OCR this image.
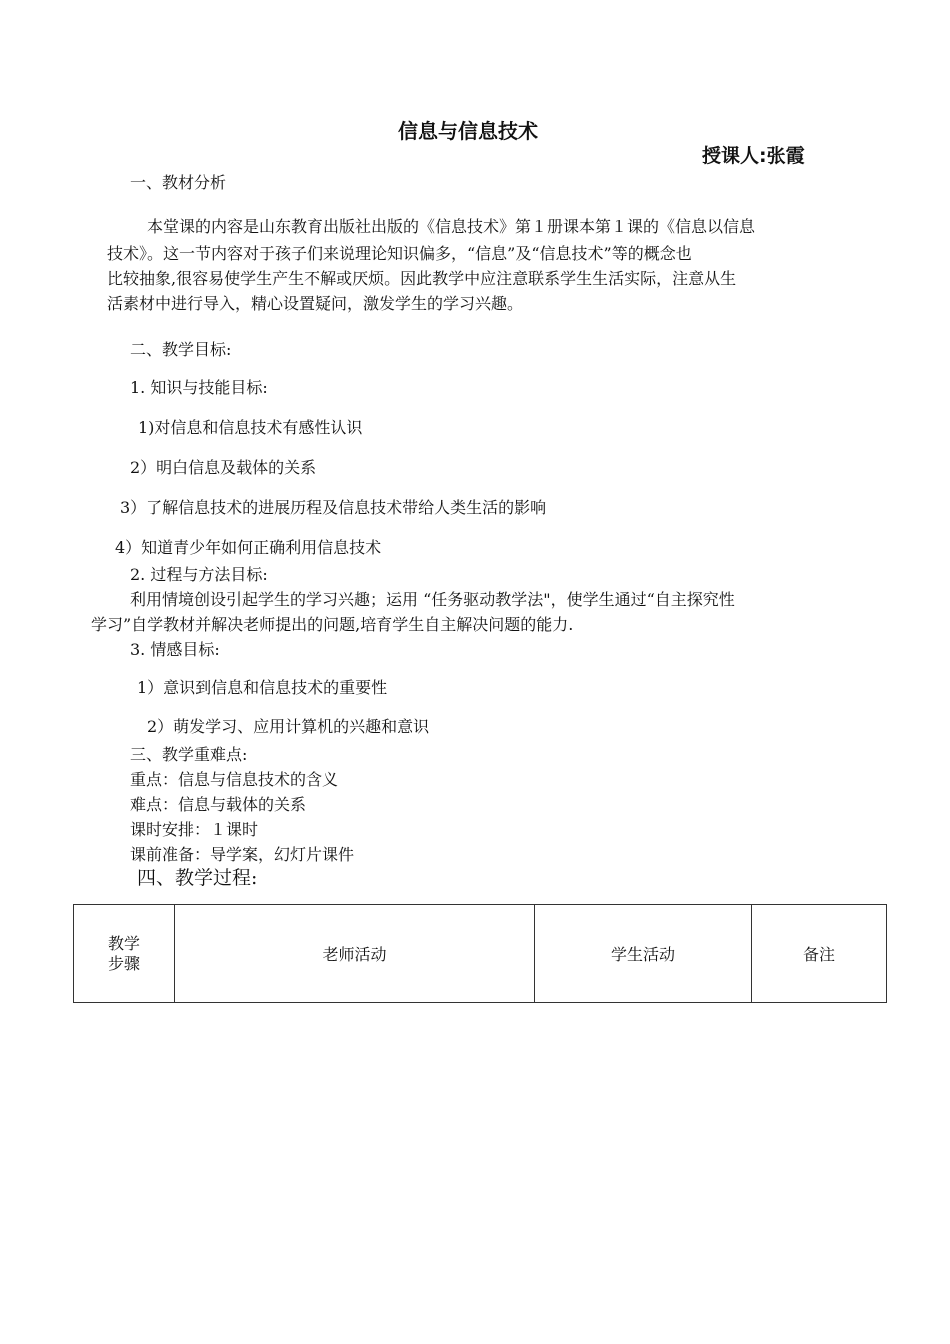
信息与信息技术
授课人:张霞
一、教材分析
本堂课的内容是山东教育出版社出版的《信息技术》第１册课本第１课的《信息以信息
技术》。这一节内容对于孩子们来说理论知识偏多，“信息”及“信息技术”等的概念也
比较抽象,很容易使学生产生不解或厌烦。因此教学中应注意联系学生生活实际，注意从生
活素材中进行导入，精心设置疑问，激发学生的学习兴趣。
二、教学目标:
1. 知识与技能目标:
1)对信息和信息技术有感性认识
2）明白信息及载体的关系
3）了解信息技术的进展历程及信息技术带给人类生活的影响
4）知道青少年如何正确利用信息技术
2. 过程与方法目标:
利用情境创设引起学生的学习兴趣；运用 “任务驱动教学法"，使学生通过“自主探究性
学习”自学教材并解决老师提出的问题,培育学生自主解决问题的能力.
3. 情感目标:
1）意识到信息和信息技术的重要性
2）萌发学习、应用计算机的兴趣和意识
三、教学重难点:
重点：信息与信息技术的含义
难点：信息与载体的关系
课时安排：１课时
课前准备：导学案，幻灯片课件
四、教学过程:
教学
步骤	老师活动	学生活动	备注
